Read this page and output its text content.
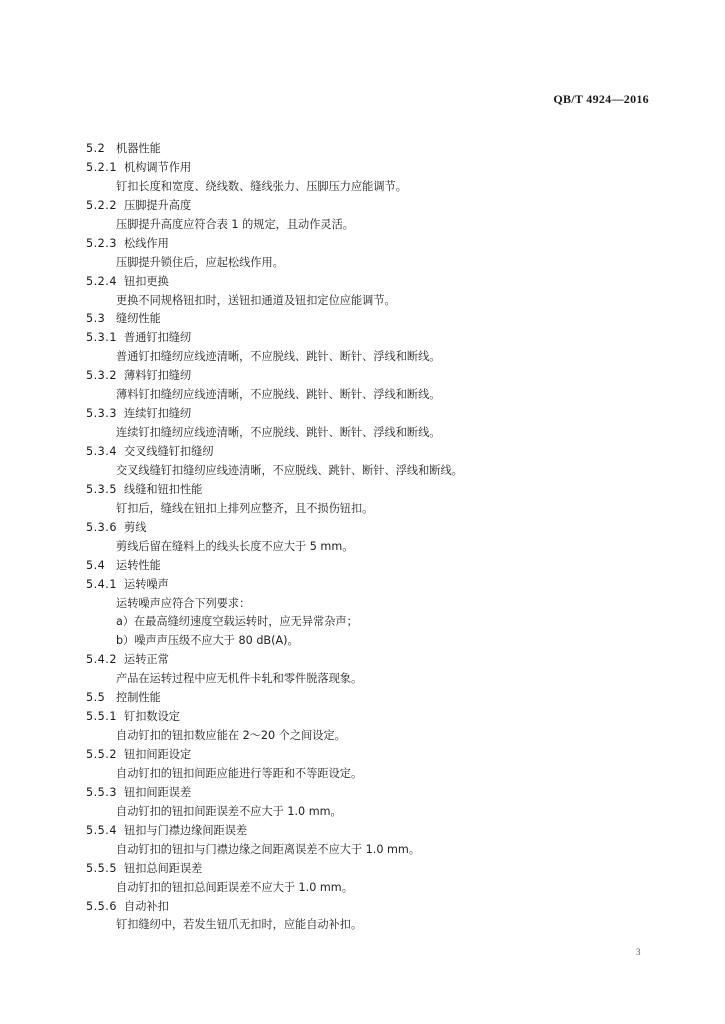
QB/T 4924—2016
5.2 机器性能
5.2.1 机构调节作用
钉扣长度和宽度、绕线数、缝线张力、压脚压力应能调节。
5.2.2 压脚提升高度
压脚提升高度应符合表 1 的规定，且动作灵活。
5.2.3 松线作用
压脚提升锁住后，应起松线作用。
5.2.4 钮扣更换
更换不同规格钮扣时，送钮扣通道及钮扣定位应能调节。
5.3 缝纫性能
5.3.1 普通钉扣缝纫
普通钉扣缝纫应线迹清晰，不应脱线、跳针、断针、浮线和断线。
5.3.2 薄料钉扣缝纫
薄料钉扣缝纫应线迹清晰，不应脱线、跳针、断针、浮线和断线。
5.3.3 连续钉扣缝纫
连续钉扣缝纫应线迹清晰，不应脱线、跳针、断针、浮线和断线。
5.3.4 交叉线缝钉扣缝纫
交叉线缝钉扣缝纫应线迹清晰，不应脱线、跳针、断针、浮线和断线。
5.3.5 线缝和钮扣性能
钉扣后，缝线在钮扣上排列应整齐，且不损伤钮扣。
5.3.6 剪线
剪线后留在缝料上的线头长度不应大于 5 mm。
5.4 运转性能
5.4.1 运转噪声
运转噪声应符合下列要求：
a）在最高缝纫速度空载运转时，应无异常杂声；
b）噪声声压级不应大于 80 dB(A)。
5.4.2 运转正常
产品在运转过程中应无机件卡轧和零件脱落现象。
5.5 控制性能
5.5.1 钉扣数设定
自动钉扣的钮扣数应能在 2～20 个之间设定。
5.5.2 钮扣间距设定
自动钉扣的钮扣间距应能进行等距和不等距设定。
5.5.3 钮扣间距误差
自动钉扣的钮扣间距误差不应大于 1.0 mm。
5.5.4 钮扣与门襟边缘间距误差
自动钉扣的钮扣与门襟边缘之间距离误差不应大于 1.0 mm。
5.5.5 钮扣总间距误差
自动钉扣的钮扣总间距误差不应大于 1.0 mm。
5.5.6 自动补扣
钉扣缝纫中，若发生钮爪无扣时，应能自动补扣。
3
